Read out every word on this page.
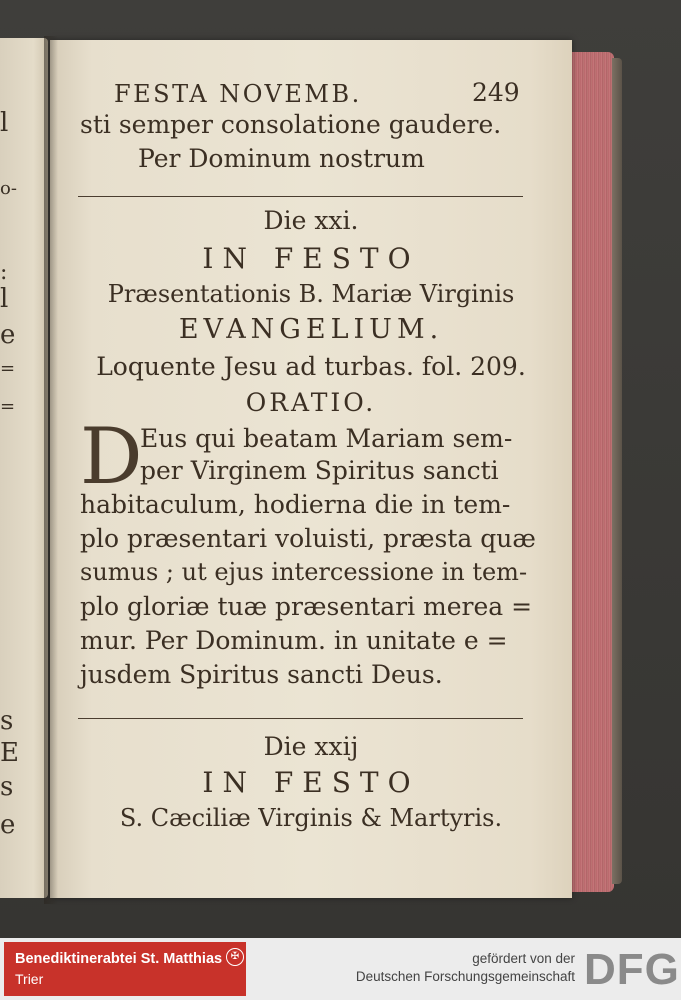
l
o-
:
l
e
=
=
s
E
s
e
FESTA NOVEMB.	249
sti semper consolatione gaudere.
Per Dominum nostrum
Die xxi.
IN FESTO
Præsentationis B. Mariæ Virginis
EVANGELIUM.
Loquente Jesu ad turbas. fol. 209.
ORATIO.
D
Eus qui beatam Mariam sem-
per Virginem Spiritus sancti
habitaculum, hodierna die in tem-
plo præsentari voluisti, præsta quæ
sumus ; ut ejus intercessione in tem-
plo gloriæ tuæ præsentari merea =
mur. Per Dominum. in unitate e =
jusdem Spiritus sancti Deus.
Die xxij
IN FESTO
S. Cæciliæ Virginis & Martyris.
Benediktinerabtei St. Matthias
Trier
✠	gefördert von der
Deutschen Forschungsgemeinschaft DFG
